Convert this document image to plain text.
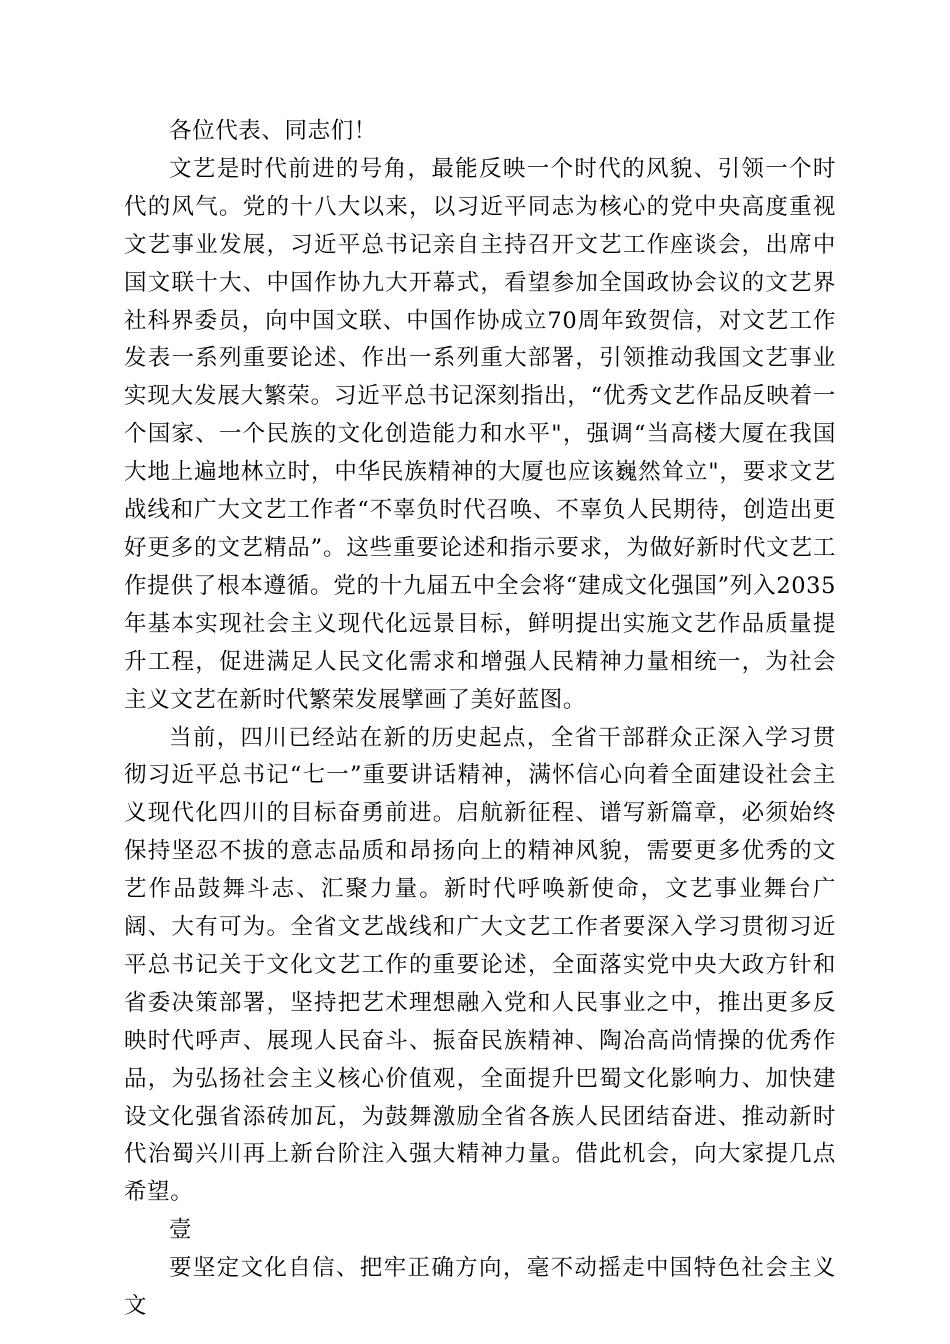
各位代表、同志们！

文艺是时代前进的号角，最能反映一个时代的风貌、引领一个时代的风气。党的十八大以来，以习近平同志为核心的党中央高度重视文艺事业发展，习近平总书记亲自主持召开文艺工作座谈会，出席中国文联十大、中国作协九大开幕式，看望参加全国政协会议的文艺界社科界委员，向中国文联、中国作协成立70周年致贺信，对文艺工作发表一系列重要论述、作出一系列重大部署，引领推动我国文艺事业实现大发展大繁荣。习近平总书记深刻指出，“优秀文艺作品反映着一个国家、一个民族的文化创造能力和水平"，强调“当高楼大厦在我国大地上遍地林立时，中华民族精神的大厦也应该巍然耸立"，要求文艺战线和广大文艺工作者“不辜负时代召唤、不辜负人民期待，创造出更好更多的文艺精品”。这些重要论述和指示要求，为做好新时代文艺工作提供了根本遵循。党的十九届五中全会将“建成文化强国”列入2035年基本实现社会主义现代化远景目标，鲜明提出实施文艺作品质量提升工程，促进满足人民文化需求和增强人民精神力量相统一，为社会主义文艺在新时代繁荣发展擘画了美好蓝图。

当前，四川已经站在新的历史起点，全省干部群众正深入学习贯彻习近平总书记“七一”重要讲话精神，满怀信心向着全面建设社会主义现代化四川的目标奋勇前进。启航新征程、谱写新篇章，必须始终保持坚忍不拔的意志品质和昂扬向上的精神风貌，需要更多优秀的文艺作品鼓舞斗志、汇聚力量。新时代呼唤新使命，文艺事业舞台广阔、大有可为。全省文艺战线和广大文艺工作者要深入学习贯彻习近平总书记关于文化文艺工作的重要论述，全面落实党中央大政方针和省委决策部署，坚持把艺术理想融入党和人民事业之中，推出更多反映时代呼声、展现人民奋斗、振奋民族精神、陶冶高尚情操的优秀作品，为弘扬社会主义核心价值观，全面提升巴蜀文化影响力、加快建设文化强省添砖加瓦，为鼓舞激励全省各族人民团结奋进、推动新时代治蜀兴川再上新台阶注入强大精神力量。借此机会，向大家提几点希望。

壹

要坚定文化自信、把牢正确方向，毫不动摇走中国特色社会主义文
